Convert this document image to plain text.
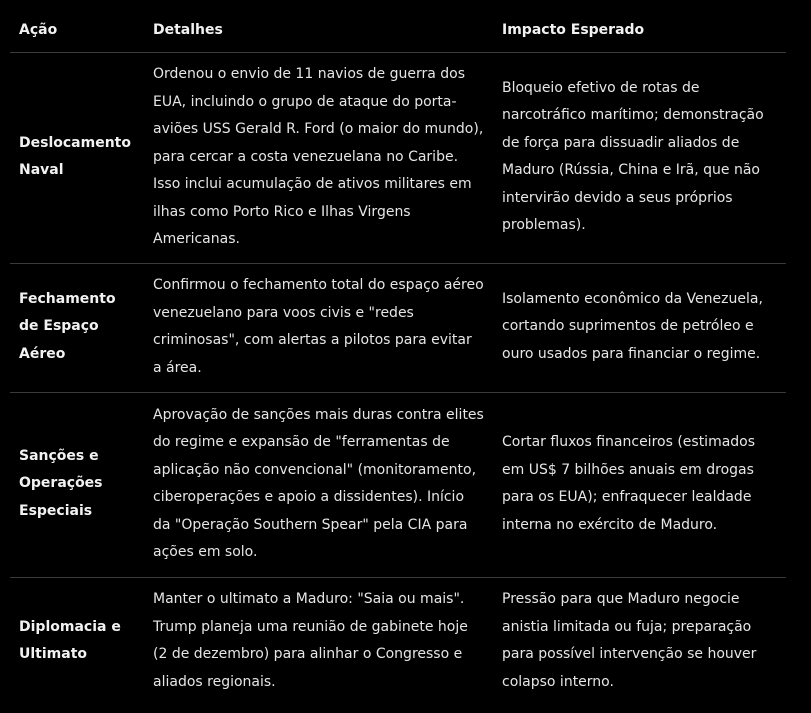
Ação	Detalhes	Impacto Esperado
Deslocamento Naval	Ordenou o envio de 11 navios de guerra dos EUA, incluindo o grupo de ataque do porta-aviões USS Gerald R. Ford (o maior do mundo), para cercar a costa venezuelana no Caribe. Isso inclui acumulação de ativos militares em ilhas como Porto Rico e Ilhas Virgens Americanas.	Bloqueio efetivo de rotas de narcotráfico marítimo; demonstração de força para dissuadir aliados de Maduro (Rússia, China e Irã, que não intervirão devido a seus próprios problemas).
Fechamento de Espaço Aéreo	Confirmou o fechamento total do espaço aéreo venezuelano para voos civis e "redes criminosas", com alertas a pilotos para evitar a área.	Isolamento econômico da Venezuela, cortando suprimentos de petróleo e ouro usados para financiar o regime.
Sanções e Operações Especiais	Aprovação de sanções mais duras contra elites do regime e expansão de "ferramentas de aplicação não convencional" (monitoramento, ciberoperações e apoio a dissidentes). Início da "Operação Southern Spear" pela CIA para ações em solo.	Cortar fluxos financeiros (estimados em US$ 7 bilhões anuais em drogas para os EUA); enfraquecer lealdade interna no exército de Maduro.
Diplomacia e Ultimato	Manter o ultimato a Maduro: "Saia ou mais". Trump planeja uma reunião de gabinete hoje (2 de dezembro) para alinhar o Congresso e aliados regionais.	Pressão para que Maduro negocie anistia limitada ou fuja; preparação para possível intervenção se houver colapso interno.
